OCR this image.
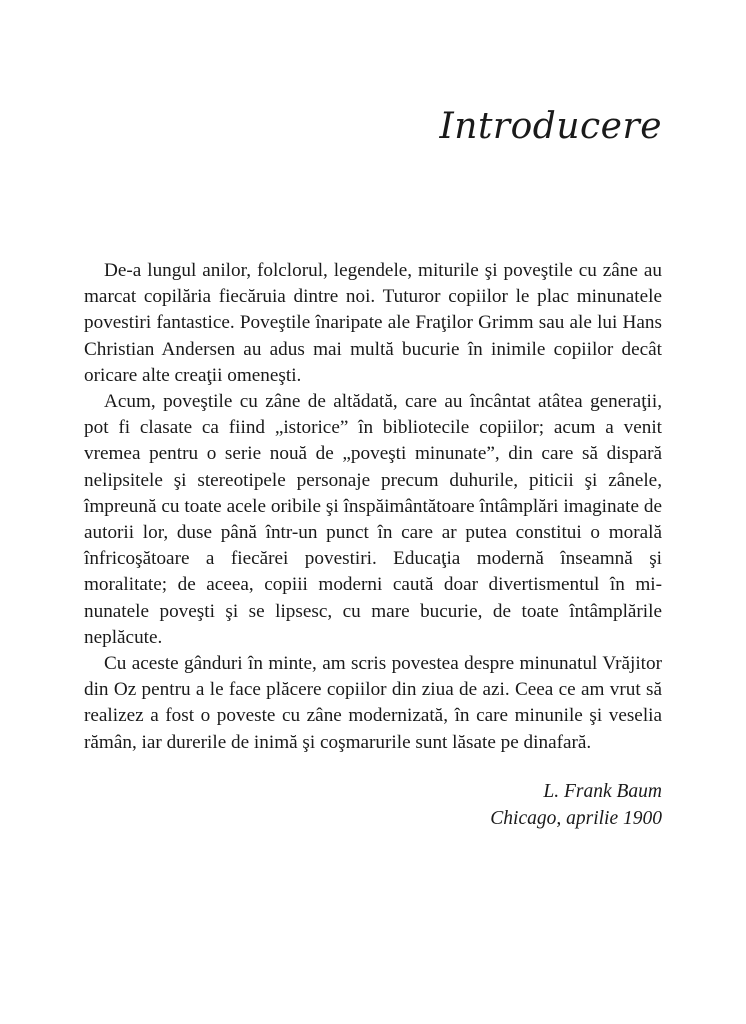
Introducere

De-a lungul anilor, folclorul, legendele, miturile şi poveştile cu zâne au marcat copilăria fiecăruia dintre noi. Tuturor copiilor le plac minunatele povestiri fantastice. Poveştile înaripate ale Fraţilor Grimm sau ale lui Hans Christian Andersen au adus mai multă bucurie în inimile copiilor decât oricare alte creaţii omeneşti.

Acum, poveştile cu zâne de altădată, care au încântat atâtea generaţii, pot fi clasate ca fiind „istorice” în bibliotecile copiilor; acum a venit vremea pentru o serie nouă de „poveşti minunate”, din care să dispară nelipsitele şi stereotipele personaje precum duhurile, piticii şi zânele, împreună cu toate acele oribile şi înspăimântătoare întâmplări imaginate de autorii lor, duse până într-un punct în care ar putea constitui o morală înfricoşătoare a fiecărei povestiri. Educaţia modernă înseamnă şi moralitate; de aceea, copiii moderni caută doar divertismentul în minunatele poveşti şi se lipsesc, cu mare bucurie, de toate întâmplările neplăcute.

Cu aceste gânduri în minte, am scris povestea despre minunatul Vrăjitor din Oz pentru a le face plăcere copiilor din ziua de azi. Ceea ce am vrut să realizez a fost o poveste cu zâne modernizată, în care minunile şi veselia rămân, iar durerile de inimă şi coşmarurile sunt lăsate pe dinafară.

L. Frank Baum
Chicago, aprilie 1900
